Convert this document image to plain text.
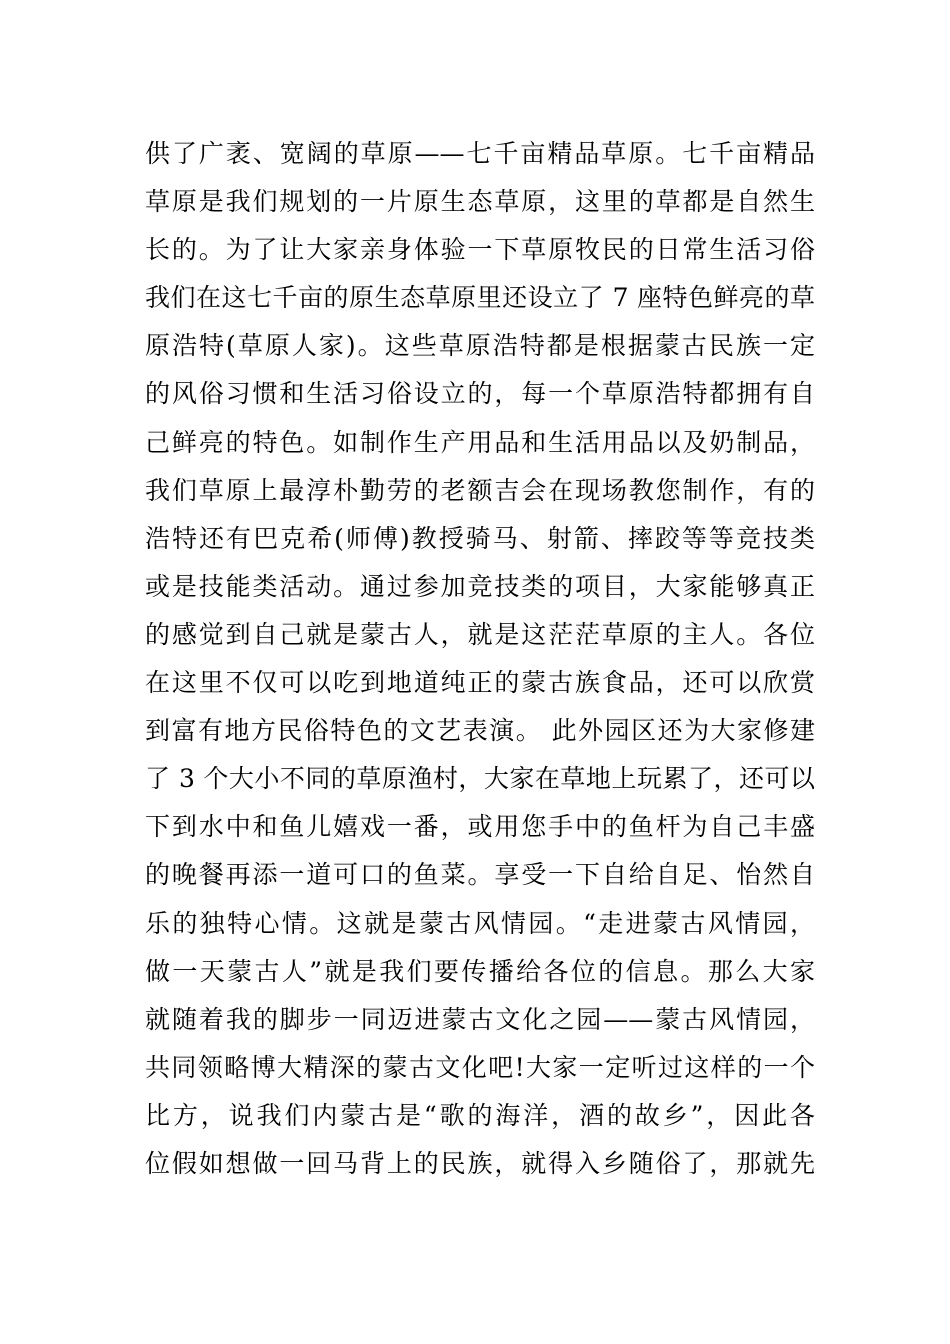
供了广袤、宽阔的草原——七千亩精品草原。七千亩精品
草原是我们规划的一片原生态草原，这里的草都是自然生
长的。为了让大家亲身体验一下草原牧民的日常生活习俗
我们在这七千亩的原生态草原里还设立了 7 座特色鲜亮的草
原浩特(草原人家)。这些草原浩特都是根据蒙古民族一定
的风俗习惯和生活习俗设立的，每一个草原浩特都拥有自
己鲜亮的特色。如制作生产用品和生活用品以及奶制品，
我们草原上最淳朴勤劳的老额吉会在现场教您制作，有的
浩特还有巴克希(师傅)教授骑马、射箭、摔跤等等竞技类
或是技能类活动。通过参加竞技类的项目，大家能够真正
的感觉到自己就是蒙古人，就是这茫茫草原的主人。各位
在这里不仅可以吃到地道纯正的蒙古族食品，还可以欣赏
到富有地方民俗特色的文艺表演。 此外园区还为大家修建
了 3 个大小不同的草原渔村，大家在草地上玩累了，还可以
下到水中和鱼儿嬉戏一番，或用您手中的鱼杆为自己丰盛
的晚餐再添一道可口的鱼菜。享受一下自给自足、怡然自
乐的独特心情。这就是蒙古风情园。“走进蒙古风情园，
做一天蒙古人”就是我们要传播给各位的信息。那么大家
就随着我的脚步一同迈进蒙古文化之园——蒙古风情园，
共同领略博大精深的蒙古文化吧!大家一定听过这样的一个
比方，说我们内蒙古是“歌的海洋，酒的故乡”，因此各
位假如想做一回马背上的民族，就得入乡随俗了，那就先
